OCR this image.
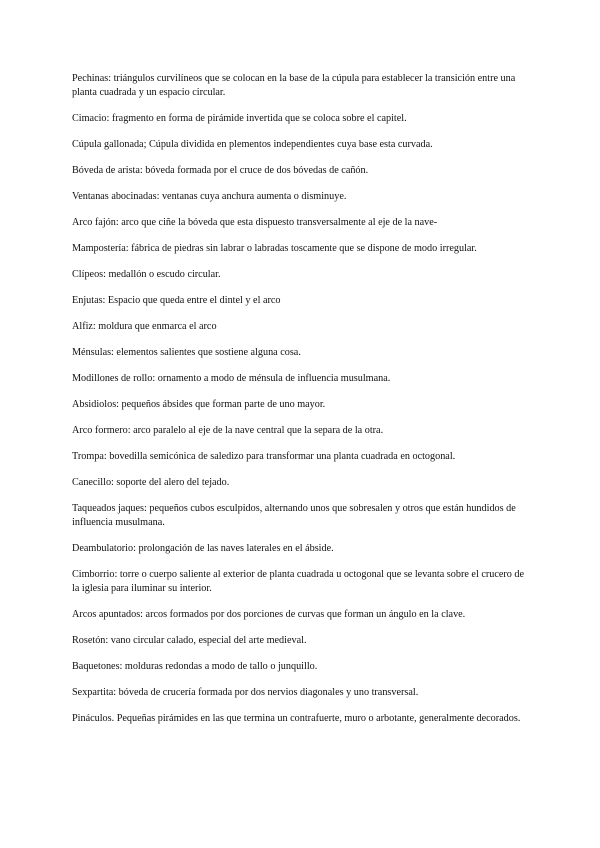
Pechinas: triángulos curvilíneos que se colocan en la base de la cúpula para establecer la transición entre una planta cuadrada y un espacio circular.
Cimacio: fragmento en forma de pirámide invertida que se coloca sobre el capitel.
Cúpula gallonada; Cúpula dividida en plementos independientes cuya base esta curvada.
Bóveda de arista: bóveda formada por el cruce de dos bóvedas de cañón.
Ventanas abocinadas: ventanas cuya anchura aumenta o disminuye.
Arco fajón: arco que ciñe la bóveda que esta dispuesto transversalmente al eje de la nave-
Mampostería: fábrica de piedras sin labrar o labradas toscamente que se dispone de modo irregular.
Clípeos: medallón o escudo circular.
Enjutas: Espacio que queda entre el dintel y el arco
Alfiz: moldura que enmarca el arco
Ménsulas: elementos salientes que sostiene alguna cosa.
Modillones de rollo: ornamento a modo de ménsula de influencia musulmana.
Absidiolos: pequeños ábsides que forman parte de uno mayor.
Arco formero: arco paralelo al eje de la nave central que la separa de la otra.
Trompa: bovedilla semicónica de saledizo para transformar una planta cuadrada en octogonal.
Canecillo: soporte del alero del tejado.
Taqueados jaques: pequeños cubos esculpidos, alternando unos que sobresalen y otros que están hundidos de influencia musulmana.
Deambulatorio: prolongación de las naves laterales en el ábside.
Cimborrio: torre o cuerpo saliente al exterior de planta cuadrada u octogonal que se levanta sobre el crucero de la iglesia para iluminar su interior.
Arcos apuntados: arcos formados por dos porciones de curvas que forman un ángulo en la clave.
Rosetón: vano circular calado, especial del arte medieval.
Baquetones: molduras redondas a modo de tallo o junquillo.
Sexpartita: bóveda de crucería formada por dos nervios diagonales y uno transversal.
Pináculos. Pequeñas pirámides en las que termina un contrafuerte, muro o arbotante, generalmente decorados.
